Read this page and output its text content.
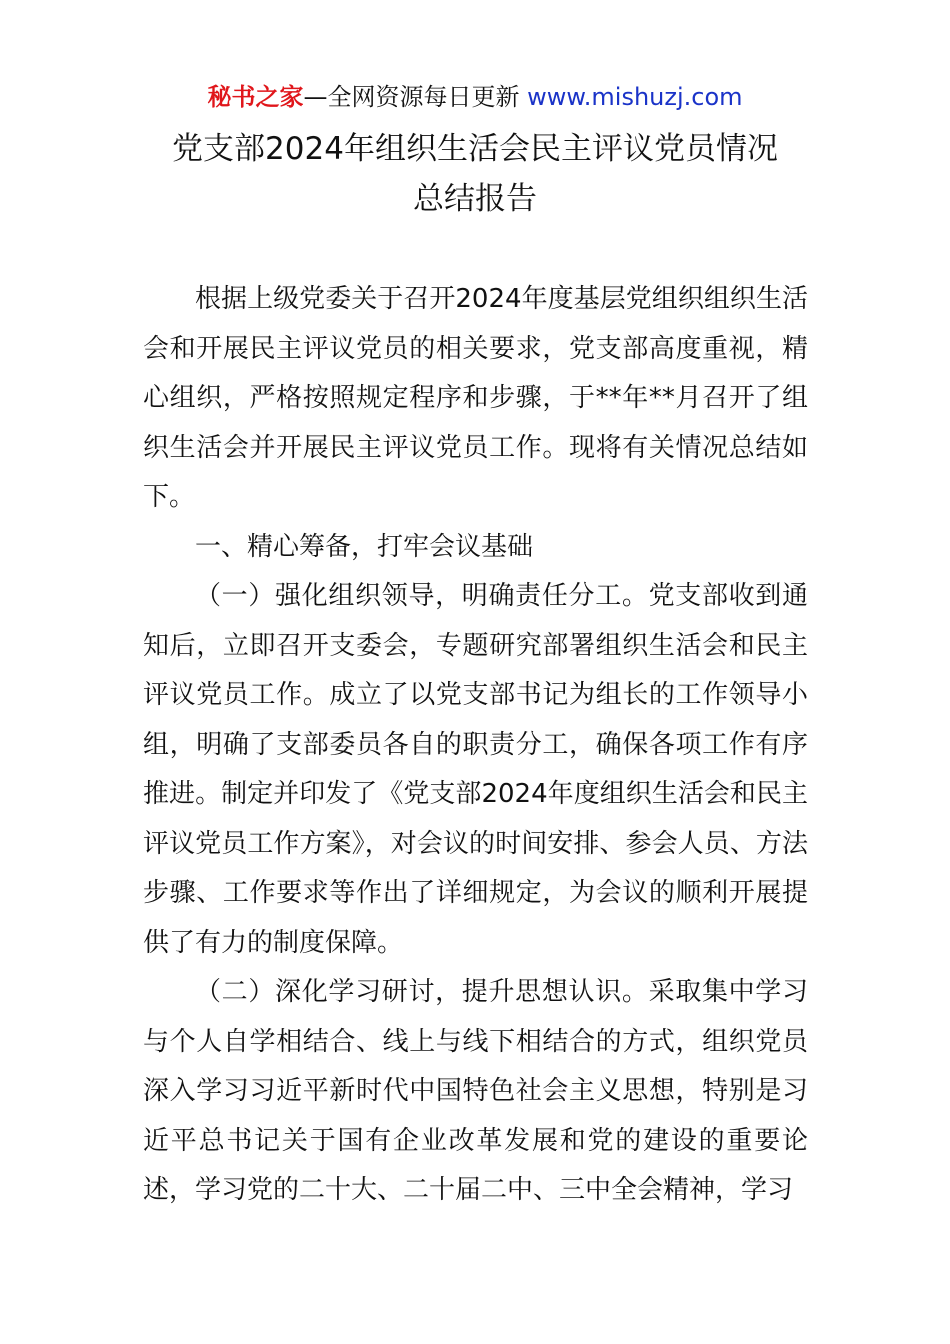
秘书之家—全网资源每日更新 www.mishuzj.com
党支部2024年组织生活会民主评议党员情况
总结报告

根据上级党委关于召开2024年度基层党组织组织生活会和开展民主评议党员的相关要求，党支部高度重视，精心组织，严格按照规定程序和步骤，于**年**月召开了组织生活会并开展民主评议党员工作。现将有关情况总结如下。

一、精心筹备，打牢会议基础

（一）强化组织领导，明确责任分工。党支部收到通知后，立即召开支委会，专题研究部署组织生活会和民主评议党员工作。成立了以党支部书记为组长的工作领导小组，明确了支部委员各自的职责分工，确保各项工作有序推进。制定并印发了《党支部2024年度组织生活会和民主评议党员工作方案》，对会议的时间安排、参会人员、方法步骤、工作要求等作出了详细规定，为会议的顺利开展提供了有力的制度保障。

（二）深化学习研讨，提升思想认识。采取集中学习与个人自学相结合、线上与线下相结合的方式，组织党员深入学习习近平新时代中国特色社会主义思想，特别是习近平总书记关于国有企业改革发展和党的建设的重要论述，学习党的二十大、二十届二中、三中全会精神，学习
